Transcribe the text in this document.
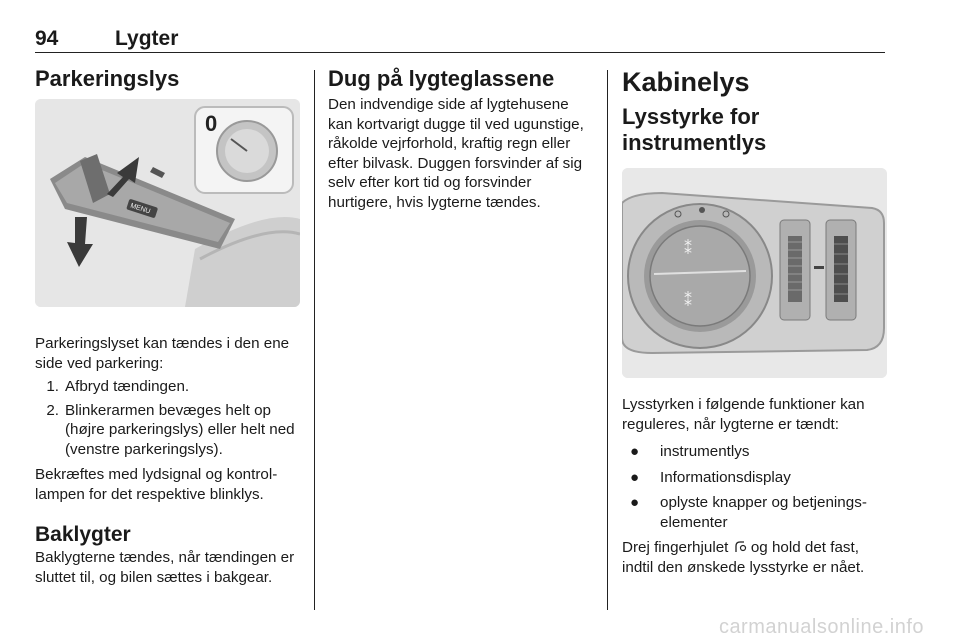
94	Lygter
Parkeringslys
MENU
0

Parkeringslyset kan tændes i den ene side ved parkering:

1. Afbryd tændingen.
2. Blinkerarmen bevæges helt op (højre parkeringslys) eller helt ned (venstre parkeringslys).

Bekræftes med lydsignal og kontrollampen for det respektive blinklys.

Baklygter

Baklygterne tændes, når tændingen er sluttet til, og bilen sættes i bakgear.

Dug på lygteglassene

Den indvendige side af lygtehusene kan kortvarigt dugge til ved ugunstige, råkolde vejrforhold, kraftig regn eller efter bilvask. Duggen forsvinder af sig selv efter kort tid og forsvinder hurtigere, hvis lygterne tændes.

Kabinelys
Lysstyrke for instrumentlys
⁑
⁑

Lysstyrken i følgende funktioner kan reguleres, når lygterne er tændt:

●	instrumentlys
●	Informationsdisplay
●	oplyste knapper og betjeningselementer

Drej fingerhjulet og hold det fast, indtil den ønskede lysstyrke er nået.

carmanualsonline.info
